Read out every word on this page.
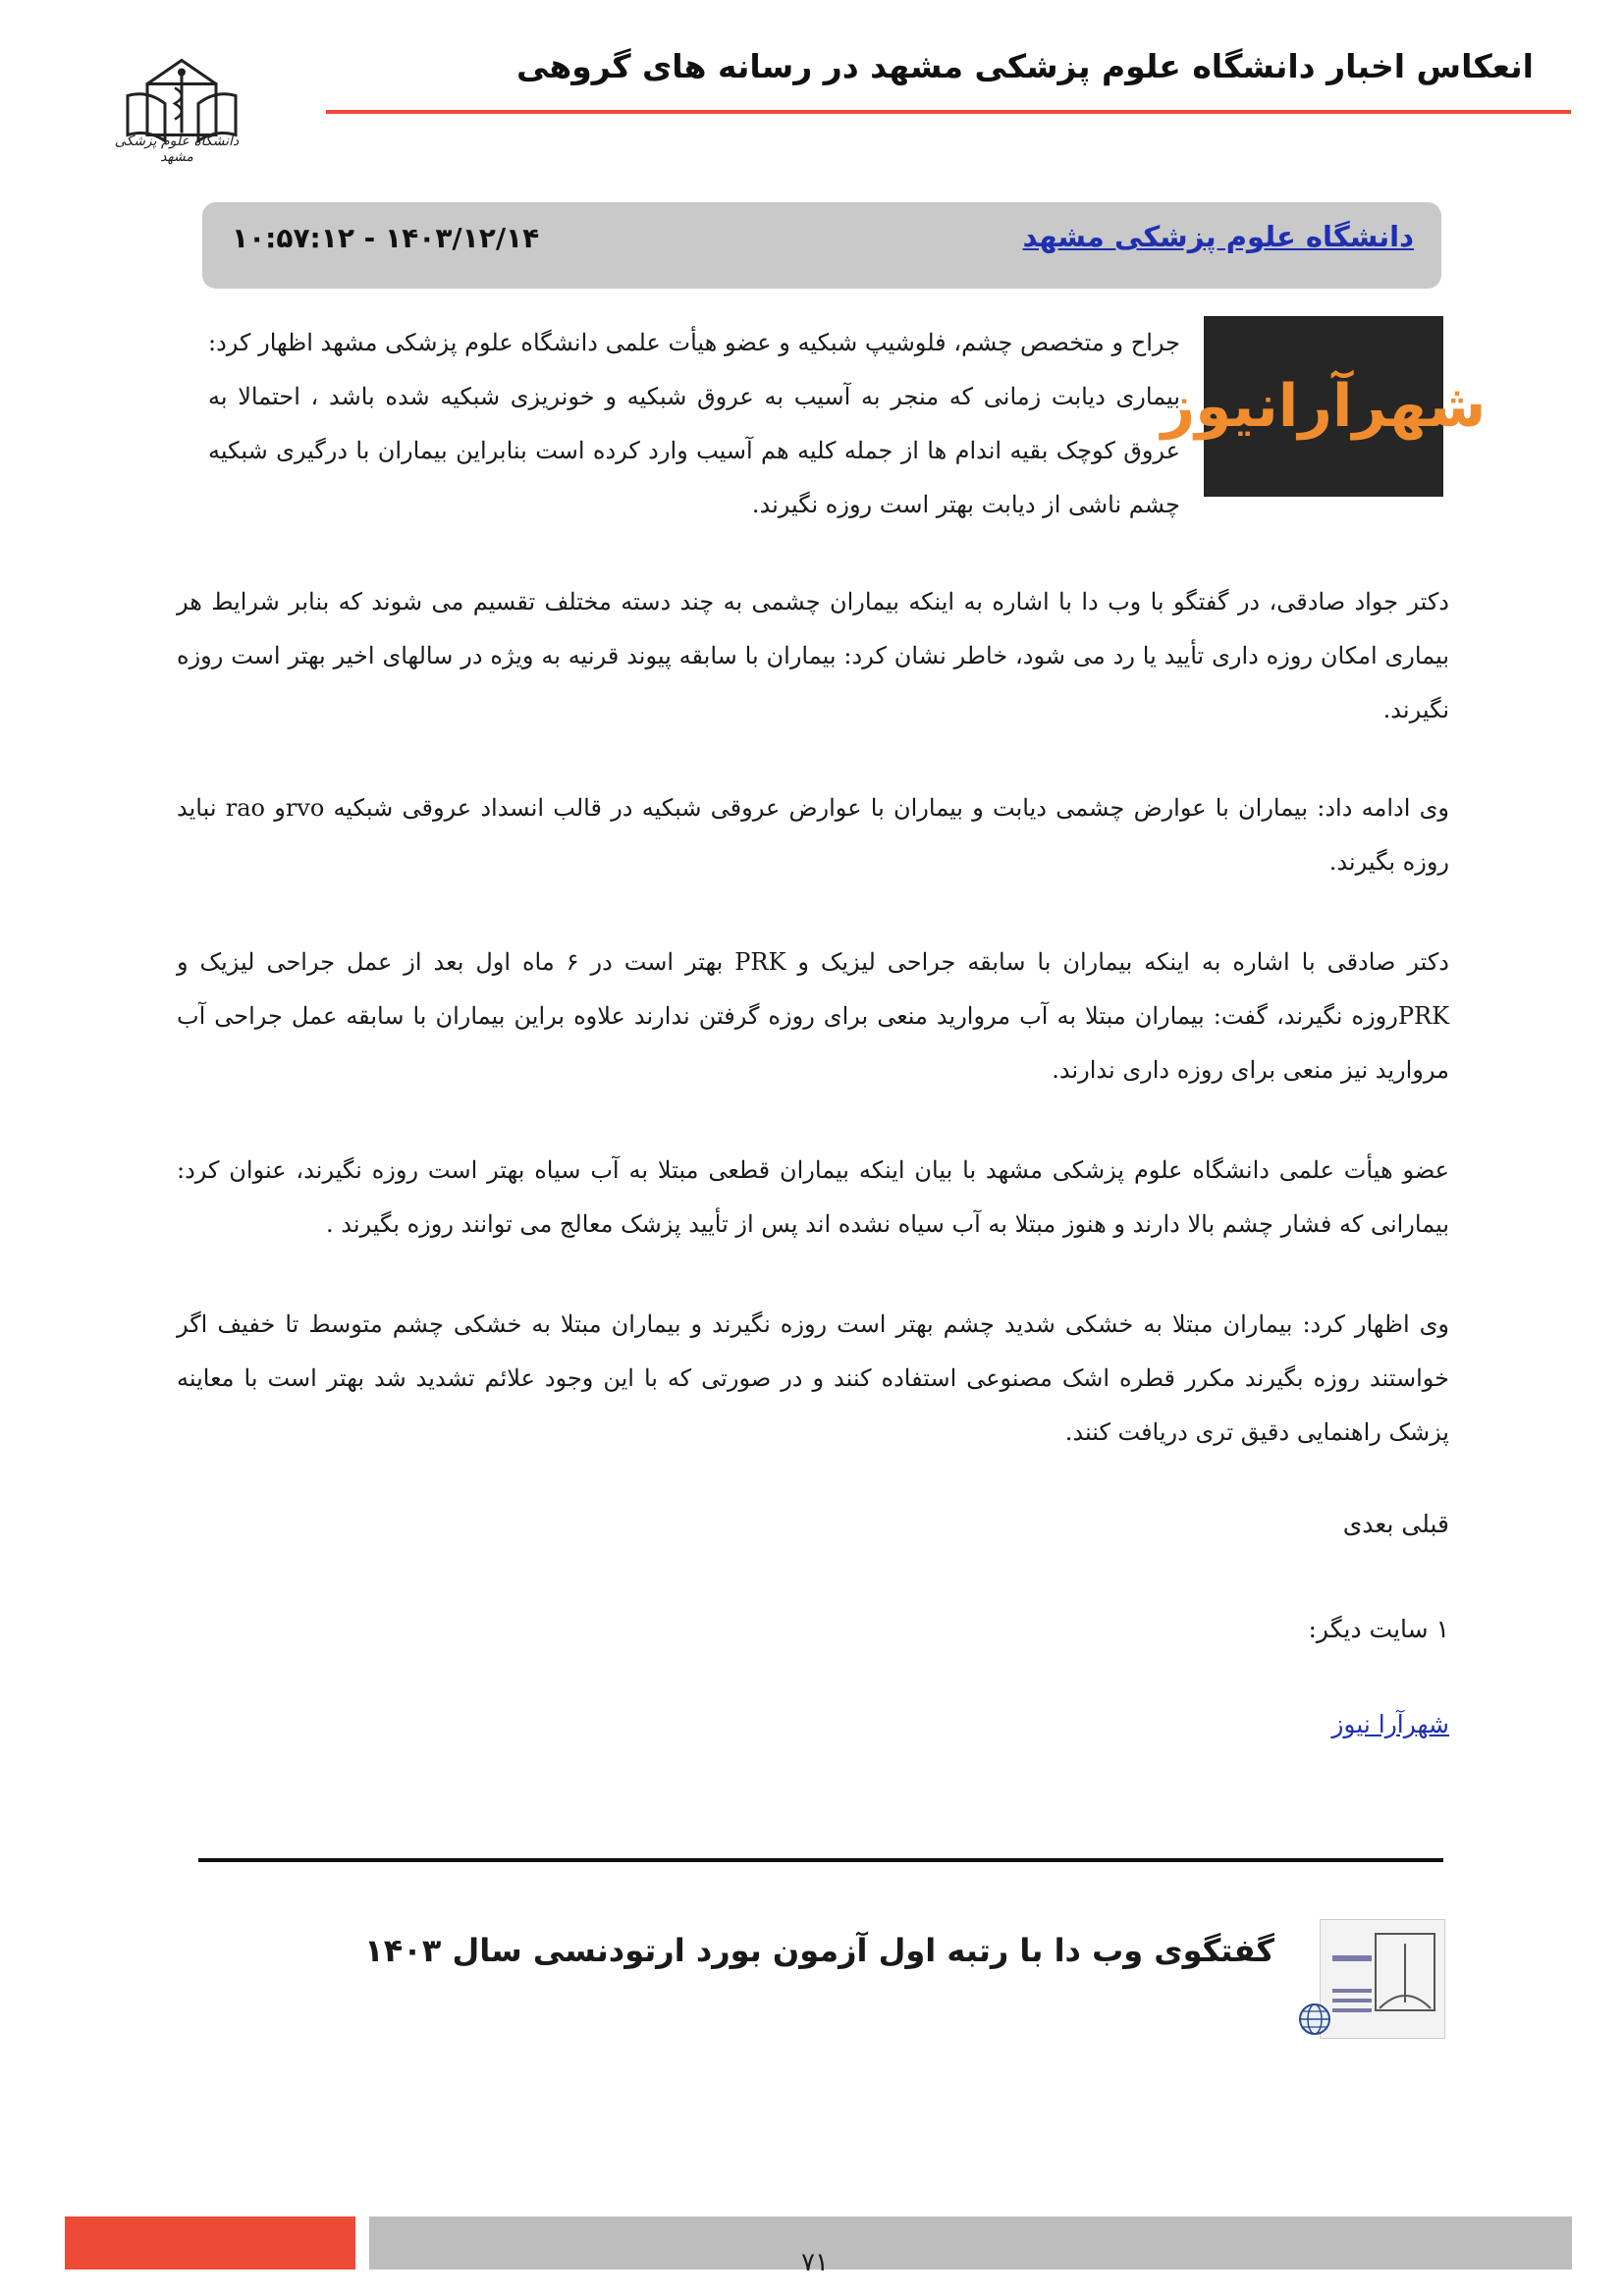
انعکاس اخبار دانشگاه علوم پزشکی مشهد در رسانه های گروهی
دانشگاه علوم پزشکی مشهد
دانشگاه علوم پزشکی مشهد
۱۰:۵۷:۱۲ - ۱۴۰۳/۱۲/۱۴
شهرآرانیوز
جراح و متخصص چشم، فلوشیپ شبکیه و عضو هیأت علمی دانشگاه علوم پزشکی مشهد اظهار کرد: بیماری دیابت زمانی که منجر به آسیب به عروق شبکیه و خونریزی شبکیه شده باشد ، احتمالا به عروق کوچک بقیه اندام ها از جمله کلیه هم آسیب وارد کرده است بنابراین بیماران با درگیری شبکیه چشم ناشی از دیابت بهتر است روزه نگیرند.
دکتر جواد صادقی، در گفتگو با وب دا با اشاره به اینکه بیماران چشمی به چند دسته مختلف تقسیم می شوند که بنابر شرایط هر بیماری امکان روزه داری تأیید یا رد می شود، خاطر نشان کرد: بیماران با سابقه پیوند قرنیه به ویژه در سالهای اخیر بهتر است روزه نگیرند.
وی ادامه داد: بیماران با عوارض چشمی دیابت و بیماران با عوارض عروقی شبکیه در قالب انسداد عروقی شبکیه rvoو rao نباید روزه بگیرند.
دکتر صادقی با اشاره به اینکه بیماران با سابقه جراحی لیزیک و PRK بهتر است در ۶ ماه اول بعد از عمل جراحی لیزیک و PRKروزه نگیرند، گفت: بیماران مبتلا به آب مروارید منعی برای روزه گرفتن ندارند علاوه براین بیماران با سابقه عمل جراحی آب مروارید نیز منعی برای روزه داری ندارند.
عضو هیأت علمی دانشگاه علوم پزشکی مشهد با بیان اینکه بیماران قطعی مبتلا به آب سیاه بهتر است روزه نگیرند، عنوان کرد: بیمارانی که فشار چشم بالا دارند و هنوز مبتلا به آب سیاه نشده اند پس از تأیید پزشک معالج می توانند روزه بگیرند .
وی اظهار کرد: بیماران مبتلا به خشکی شدید چشم بهتر است روزه نگیرند و بیماران مبتلا به خشکی چشم متوسط تا خفیف اگر خواستند روزه بگیرند مکرر قطره اشک مصنوعی استفاده کنند و در صورتی که با این وجود علائم تشدید شد بهتر است با معاینه پزشک راهنمایی دقیق تری دریافت کنند.
قبلی بعدی
۱ سایت دیگر:
شهرآرا نیوز
گفتگوی وب دا با رتبه اول آزمون بورد ارتودنسی سال ۱۴۰۳
۷۱
